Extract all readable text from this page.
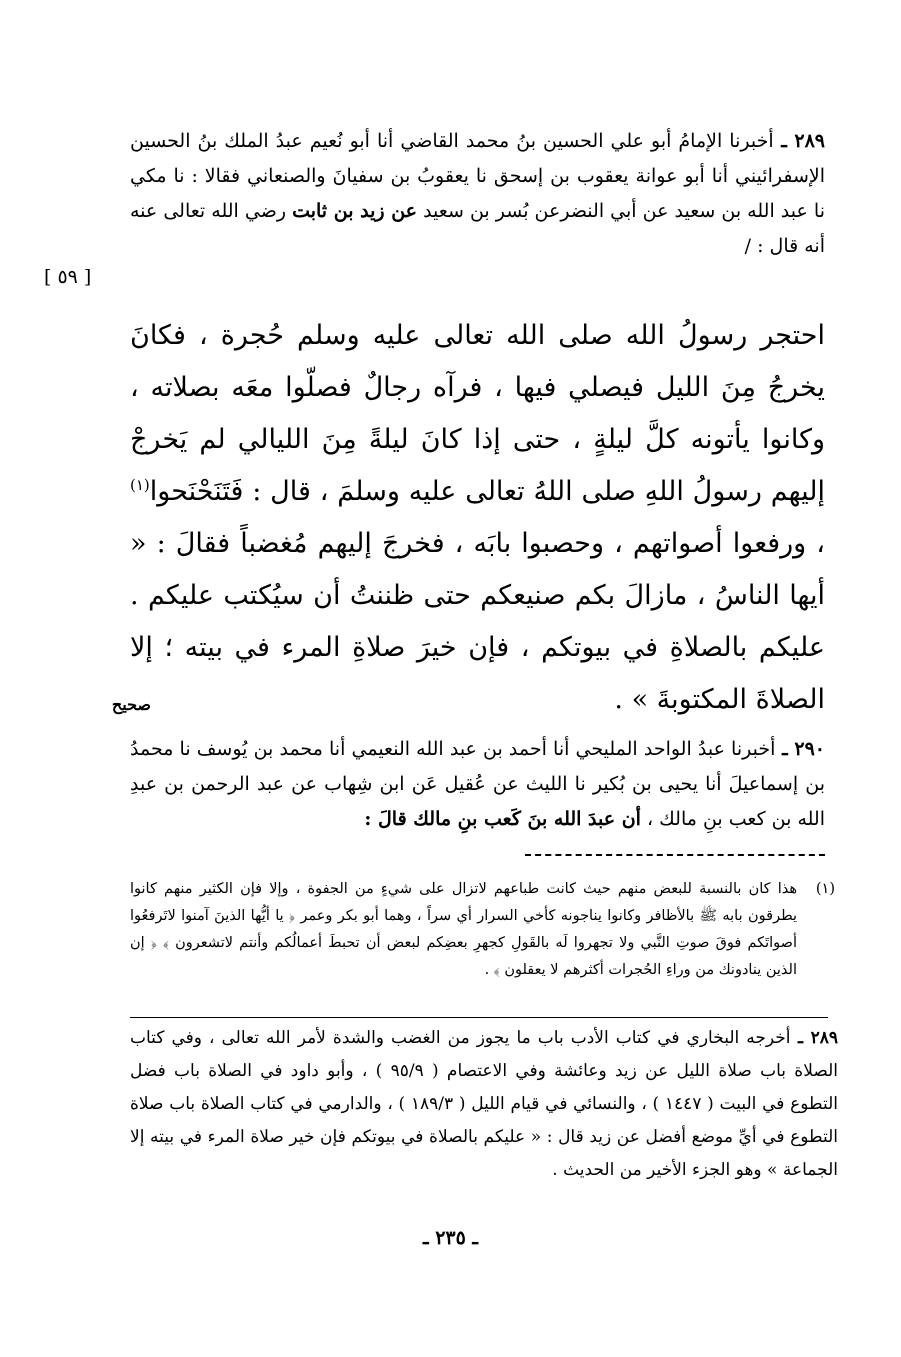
٢٨٩ ـ أخبرنا الإمامُ أبو علي الحسين بنُ محمد القاضي أنا أبو نُعيم عبدُ الملك بنُ الحسين الإسفرائيني أنا أبو عوانة يعقوب بن إسحق نا يعقوبُ بن سفيانَ والصنعاني فقالا : نا مكي نا عبد الله بن سعيد عن أبي النضرعن بُسر بن سعيد عن زيد بن ثابت رضي الله تعالى عنه أنه قال : /

[ ٥٩ ]
احتجر رسولُ الله صلى الله تعالى عليه وسلم حُجرة ، فكانَ يخرجُ مِنَ الليل فيصلي فيها ، فرآه رجالٌ فصلّوا معَه بصلاته ، وكانوا يأتونه كلَّ ليلةٍ ، حتى إذا كانَ ليلةً مِنَ الليالي لم يَخرجْ إليهم رسولُ اللهِ صلى اللهُ تعالى عليه وسلمَ ، قال : فَتَنَحْنَحوا$^{(١)}$ ، ورفعوا أصواتهم ، وحصبوا بابَه ، فخرجَ إليهم مُغضباً فقالَ : « أيها الناسُ ، مازالَ بكم صنيعكم حتى ظننتُ أن سيُكتب عليكم . عليكم بالصلاةِ في بيوتكم ، فإن خيرَ صلاةِ المرء في بيته ؛ إلا الصلاةَ المكتوبةَ » .
صحيح

٢٩٠ ـ أخبرنا عبدُ الواحد المليحي أنا أحمد بن عبد الله النعيمي أنا محمد بن يُوسف نا محمدُ بن إسماعيلَ أنا يحيى بن بُكير نا الليث عن عُقيل عَن ابن شِهاب عن عبد الرحمن بن عبدِ الله بن كعب بنِ مالك ، أن عبدَ الله بنَ كَعب بنِ مالك قالَ :

(١)
هذا كان بالنسبة للبعض منهم حيث كانت طباعهم لاتزال على شيءٍ من الجفوة ، وإلا فإن الكثير منهم كانوا يطرقون بابه ﷺ بالأظافر وكانوا يناجونه كأخي السرار أي سراً ، وهما أبو بكر وعمر ﴿ يا أيُّها الذينَ آمنوا لاتَرفعُوا أصواتَكم فوقَ صوتِ النَّبي ولا تجهروا لَه بالقَولِ كجهرِ بعضِكم لبعض أن تحبطَ أعمالُكم وأنتم لاتشعرون ﴾ ﴿ إن الذين ينادونك من وراءِ الحُجرات أكثرهم لا يعقلون ﴾ .
٢٨٩ ـ أخرجه البخاري في كتاب الأدب باب ما يجوز من الغضب والشدة لأمر الله تعالى ، وفي كتاب الصلاة باب صلاة الليل عن زيد وعائشة وفي الاعتصام ( ٩٥/٩ ) ، وأبو داود في الصلاة باب فضل التطوع في البيت ( ١٤٤٧ ) ، والنسائي في قيام الليل ( ١٨٩/٣ ) ، والدارمي في كتاب الصلاة باب صلاة التطوع في أيِّ موضع أفضل عن زيد قال : « عليكم بالصلاة في بيوتكم فإن خير صلاة المرء في بيته إلا الجماعة » وهو الجزء الأخير من الحديث .
ـ ٢٣٥ ـ
